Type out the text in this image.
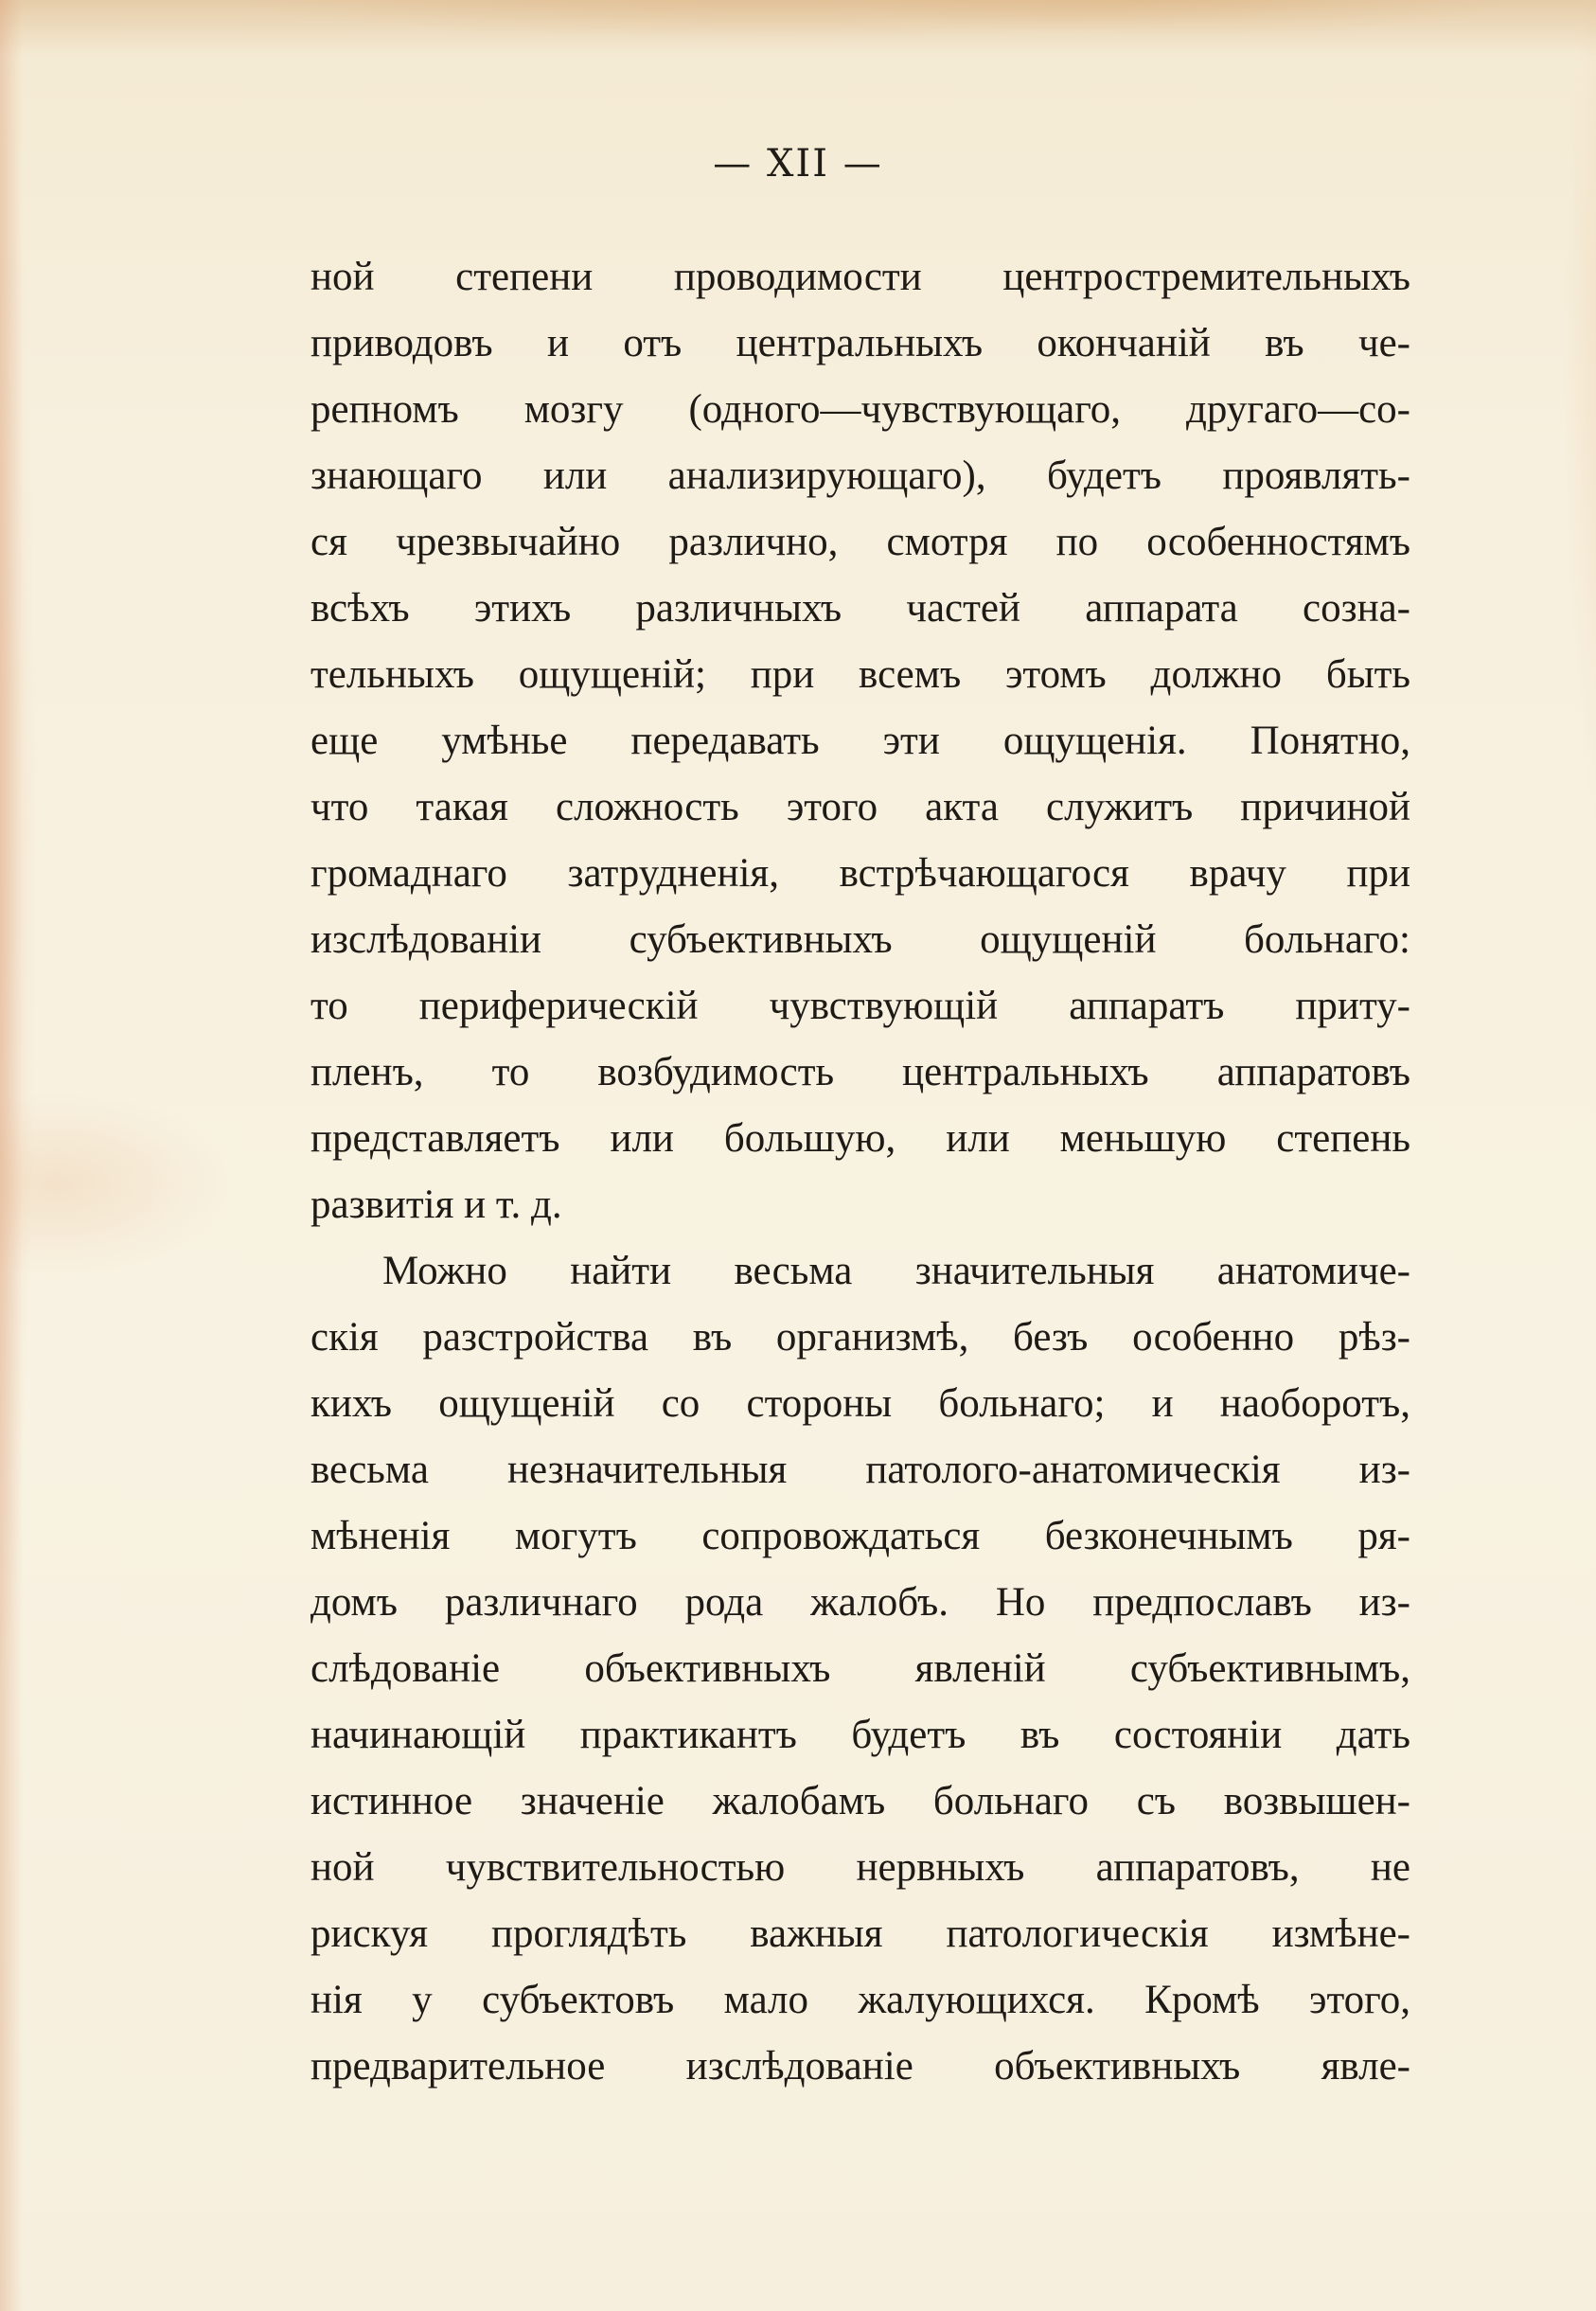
— XII —
ной степени проводимости центростремительныхъ
приводовъ и отъ центральныхъ окончаній въ че-
репномъ мозгу (одного—чувствующаго, другаго—со-
знающаго или анализирующаго), будетъ проявлять-
ся чрезвычайно различно, смотря по особенностямъ
всѣхъ этихъ различныхъ частей аппарата созна-
тельныхъ ощущеній; при всемъ этомъ должно быть
еще умѣнье передавать эти ощущенія. Понятно,
что такая сложность этого акта служитъ причиной
громаднаго затрудненія, встрѣчающагося врачу при
изслѣдованіи субъективныхъ ощущеній больнаго:
то периферическій чувствующій аппаратъ приту-
пленъ, то возбудимость центральныхъ аппаратовъ
представляетъ или большую, или меньшую степень
развитія и т. д.
Можно найти весьма значительныя анатомиче-
скія разстройства въ организмѣ, безъ особенно рѣз-
кихъ ощущеній со стороны больнаго; и наоборотъ,
весьма незначительныя патолого-анатомическія из-
мѣненія могутъ сопровождаться безконечнымъ ря-
домъ различнаго рода жалобъ. Но предпославъ из-
слѣдованіе объективныхъ явленій субъективнымъ,
начинающій практикантъ будетъ въ состояніи дать
истинное значеніе жалобамъ больнаго съ возвышен-
ной чувствительностью нервныхъ аппаратовъ, не
рискуя проглядѣть важныя патологическія измѣне-
нія у субъектовъ мало жалующихся. Кромѣ этого,
предварительное изслѣдованіе объективныхъ явле-
